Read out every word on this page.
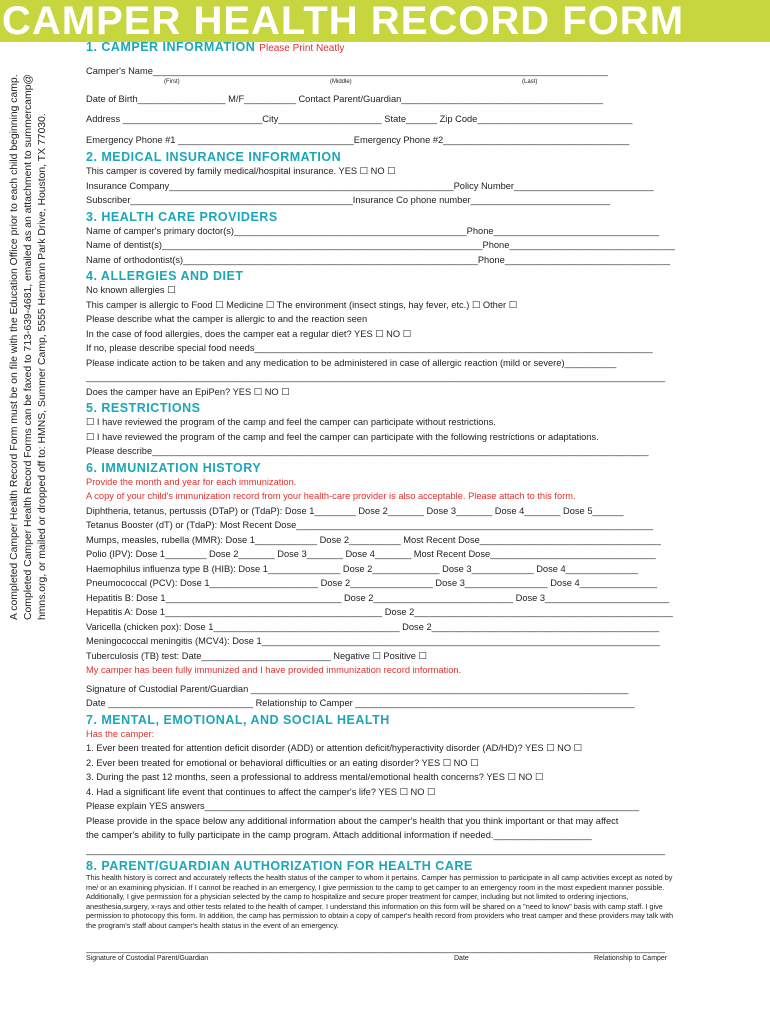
CAMPER HEALTH RECORD FORM
A completed Camper Health Record Form must be on file with the Education Office prior to each child beginning camp. Completed Camper Health Record Forms can be faxed to 713-639-4681, emailed as an attachment to summercamp@ hmns.org, or mailed or dropped off to: HMNS, Summer Camp, 5555 Hermann Park Drive, Houston, TX 77030.
1. CAMPER INFORMATION Please Print Neatly
Camper's Name________________________________________________________________________________________
(First)	(Middle)	(Last)
Date of Birth_________________ M/F__________ Contact Parent/Guardian_______________________________________
Address ___________________________City____________________ State______ Zip Code______________________________
Emergency Phone #1 __________________________________Emergency Phone #2____________________________________
2. MEDICAL INSURANCE INFORMATION
This camper is covered by family medical/hospital insurance. YES ☐ NO ☐
Insurance Company_______________________________________________________Policy Number___________________________
Subscriber___________________________________________Insurance Co phone number___________________________
3. HEALTH CARE PROVIDERS
Name of camper's primary doctor(s)_____________________________________________Phone________________________________
Name of dentist(s)______________________________________________________________Phone________________________________
Name of orthodontist(s)_________________________________________________________Phone________________________________
4. ALLERGIES AND DIET
No known allergies ☐
This camper is allergic to Food ☐ Medicine ☐ The environment (insect stings, hay fever, etc.) ☐ Other ☐
Please describe what the camper is allergic to and the reaction seen
In the case of food allergies, does the camper eat a regular diet? YES ☐ NO ☐
If no, please describe special food needs_____________________________________________________________________________
Please indicate action to be taken and any medication to be administered in case of allergic reaction (mild or severe)__________
________________________________________________________________________________________________________________
Does the camper have an EpiPen? YES ☐ NO ☐
5. RESTRICTIONS
☐ I have reviewed the program of the camp and feel the camper can participate without restrictions.
☐ I have reviewed the program of the camp and feel the camper can participate with the following restrictions or adaptations.
Please describe________________________________________________________________________________________________
6. IMMUNIZATION HISTORY
Provide the month and year for each immunization.
A copy of your child's immunization record from your health-care provider is also acceptable. Please attach to this form.
Diphtheria, tetanus, pertussis (DTaP) or (TdaP): Dose 1________ Dose 2_______ Dose 3_______ Dose 4_______ Dose 5______
Tetanus Booster (dT) or (TdaP): Most Recent Dose_____________________________________________________________________
Mumps, measles, rubella (MMR): Dose 1____________ Dose 2__________ Most Recent Dose___________________________________
Polio (IPV): Dose 1________ Dose 2_______ Dose 3_______ Dose 4_______ Most Recent Dose________________________________
Haemophilus influenza type B (HIB): Dose 1______________ Dose 2_____________ Dose 3____________ Dose 4______________
Pneumococcal (PCV): Dose 1_____________________ Dose 2________________ Dose 3________________ Dose 4_______________
Hepatitis B: Dose 1__________________________________ Dose 2___________________________ Dose 3________________________
Hepatitis A: Dose 1__________________________________________ Dose 2__________________________________________________
Varicella (chicken pox): Dose 1____________________________________ Dose 2____________________________________________
Meningococcal meningitis (MCV4): Dose 1_____________________________________________________________________________
Tuberculosis (TB) test: Date_________________________ Negative ☐ Positive ☐
My camper has been fully immunized and I have provided immunization record information.
Signature of Custodial Parent/Guardian _________________________________________________________________________
Date ____________________________ Relationship to Camper ______________________________________________________
7. MENTAL, EMOTIONAL, AND SOCIAL HEALTH
Has the camper:
1. Ever been treated for attention deficit disorder (ADD) or attention deficit/hyperactivity disorder (AD/HD)? YES ☐ NO ☐
2. Ever been treated for emotional or behavioral difficulties or an eating disorder? YES ☐ NO ☐
3. During the past 12 months, seen a professional to address mental/emotional health concerns? YES ☐ NO ☐
4. Had a significant life event that continues to affect the camper's life? YES ☐ NO ☐
Please explain YES answers____________________________________________________________________________________
Please provide in the space below any additional information about the camper's health that you think important or that may affect
the camper's ability to fully participate in the camp program. Attach additional information if needed.___________________
________________________________________________________________________________________________________________
8. PARENT/GUARDIAN AUTHORIZATION FOR HEALTH CARE
This health history is correct and accurately reflects the health status of the camper to whom it pertains. Camper has permission to participate in all camp activities except as noted by me/ or an examining physician. If I cannot be reached in an emergency, I give permission to the camp to get camper to an emergency room in the most expedient manner possible. Additionally, I give permission for a physician selected by the camp to hospitalize and secure proper treatment for camper, including but not limited to ordering injections, anesthesia,surgery, x-rays and other tests related to the health of camper. I understand this information on this form will be shared on a "need to know" basis with camp staff. I give permission to photocopy this form. In addition, the camp has permission to obtain a copy of camper's health record from providers who treat camper and these providers may talk with the program's staff about camper's health status in the event of an emergency.
________________________________________________________________________________________________________________
Signature of Custodial Parent/Guardian	Date	Relationship to Camper
